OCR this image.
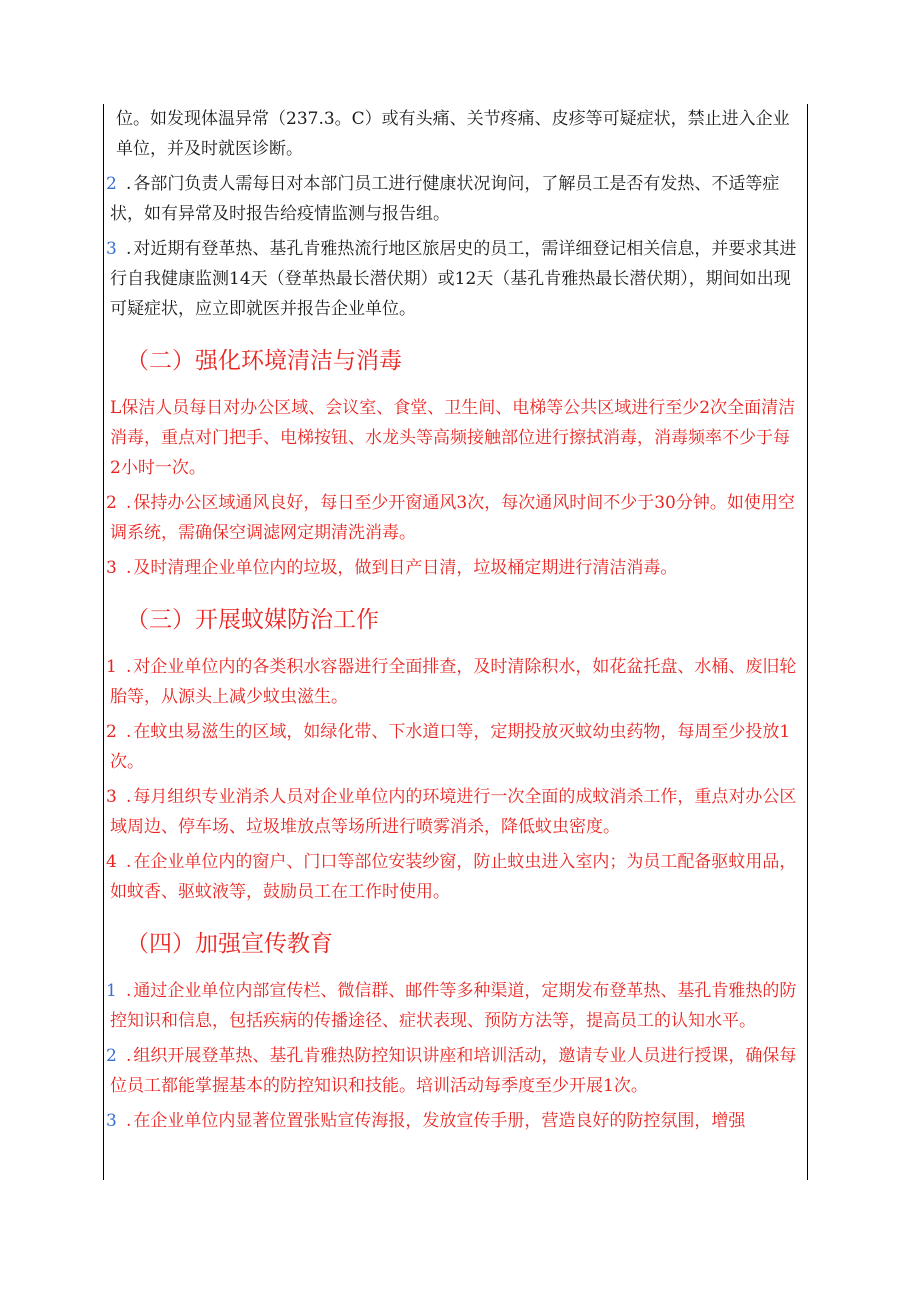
位。如发现体温异常（237.3。C）或有头痛、关节疼痛、皮疹等可疑症状，禁止进入企业单位，并及时就医诊断。

2 . 各部门负责人需每日对本部门员工进行健康状况询问，了解员工是否有发热、不适等症状，如有异常及时报告给疫情监测与报告组。

3 . 对近期有登革热、基孔肯雅热流行地区旅居史的员工，需详细登记相关信息，并要求其进行自我健康监测14天（登革热最长潜伏期）或12天（基孔肯雅热最长潜伏期），期间如出现可疑症状，应立即就医并报告企业单位。

（二）强化环境清洁与消毒

L保洁人员每日对办公区域、会议室、食堂、卫生间、电梯等公共区域进行至少2次全面清洁消毒，重点对门把手、电梯按钮、水龙头等高频接触部位进行擦拭消毒，消毒频率不少于每2小时一次。

2 . 保持办公区域通风良好，每日至少开窗通风3次，每次通风时间不少于30分钟。如使用空调系统，需确保空调滤网定期清洗消毒。

3 . 及时清理企业单位内的垃圾，做到日产日清，垃圾桶定期进行清洁消毒。

（三）开展蚊媒防治工作

1 . 对企业单位内的各类积水容器进行全面排查，及时清除积水，如花盆托盘、水桶、废旧轮胎等，从源头上减少蚊虫滋生。

2 . 在蚊虫易滋生的区域，如绿化带、下水道口等，定期投放灭蚊幼虫药物，每周至少投放1次。

3 . 每月组织专业消杀人员对企业单位内的环境进行一次全面的成蚊消杀工作，重点对办公区域周边、停车场、垃圾堆放点等场所进行喷雾消杀，降低蚊虫密度。

4 . 在企业单位内的窗户、门口等部位安装纱窗，防止蚊虫进入室内；为员工配备驱蚊用品，如蚊香、驱蚊液等，鼓励员工在工作时使用。

（四）加强宣传教育

1 . 通过企业单位内部宣传栏、微信群、邮件等多种渠道，定期发布登革热、基孔肯雅热的防控知识和信息，包括疾病的传播途径、症状表现、预防方法等，提高员工的认知水平。

2 . 组织开展登革热、基孔肯雅热防控知识讲座和培训活动，邀请专业人员进行授课，确保每位员工都能掌握基本的防控知识和技能。培训活动每季度至少开展1次。

3 . 在企业单位内显著位置张贴宣传海报，发放宣传手册，营造良好的防控氛围，增强
